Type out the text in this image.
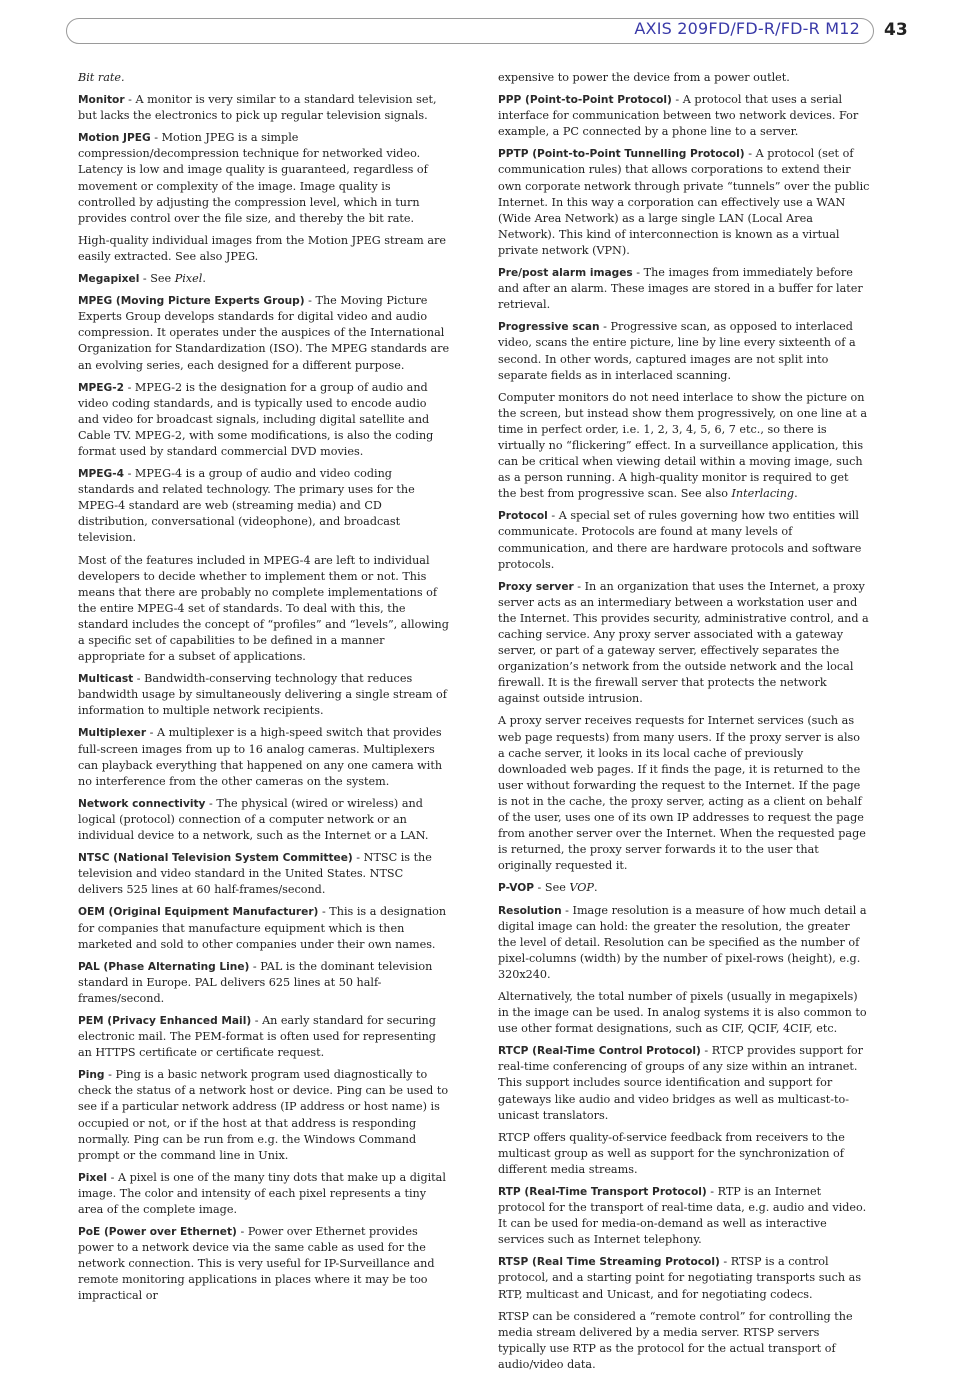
AXIS 209FD/FD-R/FD-R M12 43

Bit rate.

Monitor - A monitor is very similar to a standard television set, but lacks the electronics to pick up regular television signals.

Motion JPEG - Motion JPEG is a simple compression/decompression technique for networked video. Latency is low and image quality is guaranteed, regardless of movement or complexity of the image. Image quality is controlled by adjusting the compression level, which in turn provides control over the file size, and thereby the bit rate.

High-quality individual images from the Motion JPEG stream are easily extracted. See also JPEG.

Megapixel - See Pixel.

MPEG (Moving Picture Experts Group) - The Moving Picture Experts Group develops standards for digital video and audio compression. It operates under the auspices of the International Organization for Standardization (ISO). The MPEG standards are an evolving series, each designed for a different purpose.

MPEG-2 - MPEG-2 is the designation for a group of audio and video coding standards, and is typically used to encode audio and video for broadcast signals, including digital satellite and Cable TV. MPEG-2, with some modifications, is also the coding format used by standard commercial DVD movies.

MPEG-4 - MPEG-4 is a group of audio and video coding standards and related technology. The primary uses for the MPEG-4 standard are web (streaming media) and CD distribution, conversational (videophone), and broadcast television.

Most of the features included in MPEG-4 are left to individual developers to decide whether to implement them or not. This means that there are probably no complete implementations of the entire MPEG-4 set of standards. To deal with this, the standard includes the concept of “profiles” and “levels”, allowing a specific set of capabilities to be defined in a manner appropriate for a subset of applications.

Multicast - Bandwidth-conserving technology that reduces bandwidth usage by simultaneously delivering a single stream of information to multiple network recipients.

Multiplexer - A multiplexer is a high-speed switch that provides full-screen images from up to 16 analog cameras. Multiplexers can playback everything that happened on any one camera with no interference from the other cameras on the system.

Network connectivity - The physical (wired or wireless) and logical (protocol) connection of a computer network or an individual device to a network, such as the Internet or a LAN.

NTSC (National Television System Committee) - NTSC is the television and video standard in the United States. NTSC delivers 525 lines at 60 half-frames/second.

OEM (Original Equipment Manufacturer) - This is a designation for companies that manufacture equipment which is then marketed and sold to other companies under their own names.

PAL (Phase Alternating Line) - PAL is the dominant television standard in Europe. PAL delivers 625 lines at 50 half-frames/second.

PEM (Privacy Enhanced Mail) - An early standard for securing electronic mail. The PEM-format is often used for representing an HTTPS certificate or certificate request.

Ping - Ping is a basic network program used diagnostically to check the status of a network host or device. Ping can be used to see if a particular network address (IP address or host name) is occupied or not, or if the host at that address is responding normally. Ping can be run from e.g. the Windows Command prompt or the command line in Unix.

Pixel - A pixel is one of the many tiny dots that make up a digital image. The color and intensity of each pixel represents a tiny area of the complete image.

PoE (Power over Ethernet) - Power over Ethernet provides power to a network device via the same cable as used for the network connection. This is very useful for IP-Surveillance and remote monitoring applications in places where it may be too impractical or

expensive to power the device from a power outlet.

PPP (Point-to-Point Protocol) - A protocol that uses a serial interface for communication between two network devices. For example, a PC connected by a phone line to a server.

PPTP (Point-to-Point Tunnelling Protocol) - A protocol (set of communication rules) that allows corporations to extend their own corporate network through private “tunnels” over the public Internet. In this way a corporation can effectively use a WAN (Wide Area Network) as a large single LAN (Local Area Network). This kind of interconnection is known as a virtual private network (VPN).

Pre/post alarm images - The images from immediately before and after an alarm. These images are stored in a buffer for later retrieval.

Progressive scan - Progressive scan, as opposed to interlaced video, scans the entire picture, line by line every sixteenth of a second. In other words, captured images are not split into separate fields as in interlaced scanning.

Computer monitors do not need interlace to show the picture on the screen, but instead show them progressively, on one line at a time in perfect order, i.e. 1, 2, 3, 4, 5, 6, 7 etc., so there is virtually no “flickering” effect. In a surveillance application, this can be critical when viewing detail within a moving image, such as a person running. A high-quality monitor is required to get the best from progressive scan. See also Interlacing.

Protocol - A special set of rules governing how two entities will communicate. Protocols are found at many levels of communication, and there are hardware protocols and software protocols.

Proxy server - In an organization that uses the Internet, a proxy server acts as an intermediary between a workstation user and the Internet. This provides security, administrative control, and a caching service. Any proxy server associated with a gateway server, or part of a gateway server, effectively separates the organization’s network from the outside network and the local firewall. It is the firewall server that protects the network against outside intrusion.

A proxy server receives requests for Internet services (such as web page requests) from many users. If the proxy server is also a cache server, it looks in its local cache of previously downloaded web pages. If it finds the page, it is returned to the user without forwarding the request to the Internet. If the page is not in the cache, the proxy server, acting as a client on behalf of the user, uses one of its own IP addresses to request the page from another server over the Internet. When the requested page is returned, the proxy server forwards it to the user that originally requested it.

P-VOP - See VOP.

Resolution - Image resolution is a measure of how much detail a digital image can hold: the greater the resolution, the greater the level of detail. Resolution can be specified as the number of pixel-columns (width) by the number of pixel-rows (height), e.g. 320x240.

Alternatively, the total number of pixels (usually in megapixels) in the image can be used. In analog systems it is also common to use other format designations, such as CIF, QCIF, 4CIF, etc.

RTCP (Real-Time Control Protocol) - RTCP provides support for real-time conferencing of groups of any size within an intranet. This support includes source identification and support for gateways like audio and video bridges as well as multicast-to-unicast translators.

RTCP offers quality-of-service feedback from receivers to the multicast group as well as support for the synchronization of different media streams.

RTP (Real-Time Transport Protocol) - RTP is an Internet protocol for the transport of real-time data, e.g. audio and video. It can be used for media-on-demand as well as interactive services such as Internet telephony.

RTSP (Real Time Streaming Protocol) - RTSP is a control protocol, and a starting point for negotiating transports such as RTP, multicast and Unicast, and for negotiating codecs.

RTSP can be considered a “remote control” for controlling the media stream delivered by a media server. RTSP servers typically use RTP as the protocol for the actual transport of audio/video data.
